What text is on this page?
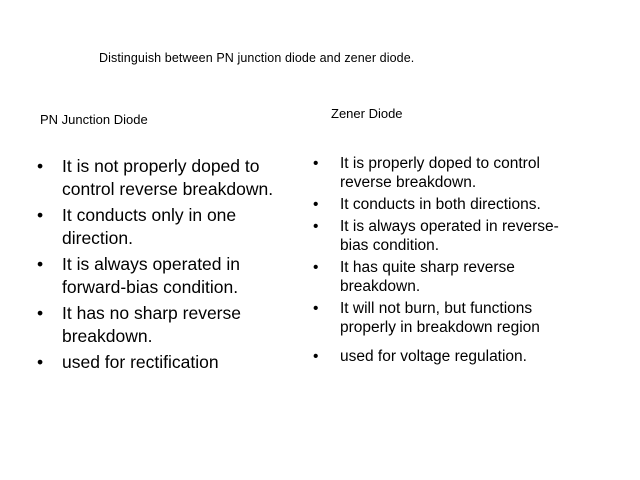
Distinguish between PN junction diode and zener diode.
PN Junction Diode	Zener Diode
• It is not properly doped to
control reverse breakdown.
• It conducts only in one
direction.
• It is always operated in
forward-bias condition.
• It has no sharp reverse
breakdown.
• used for rectification
• It is properly doped to control
reverse breakdown.
• It conducts in both directions.
• It is always operated in reverse-
bias condition.
• It has quite sharp reverse
breakdown.
• It will not burn, but functions
properly in breakdown region
• used for voltage regulation.
